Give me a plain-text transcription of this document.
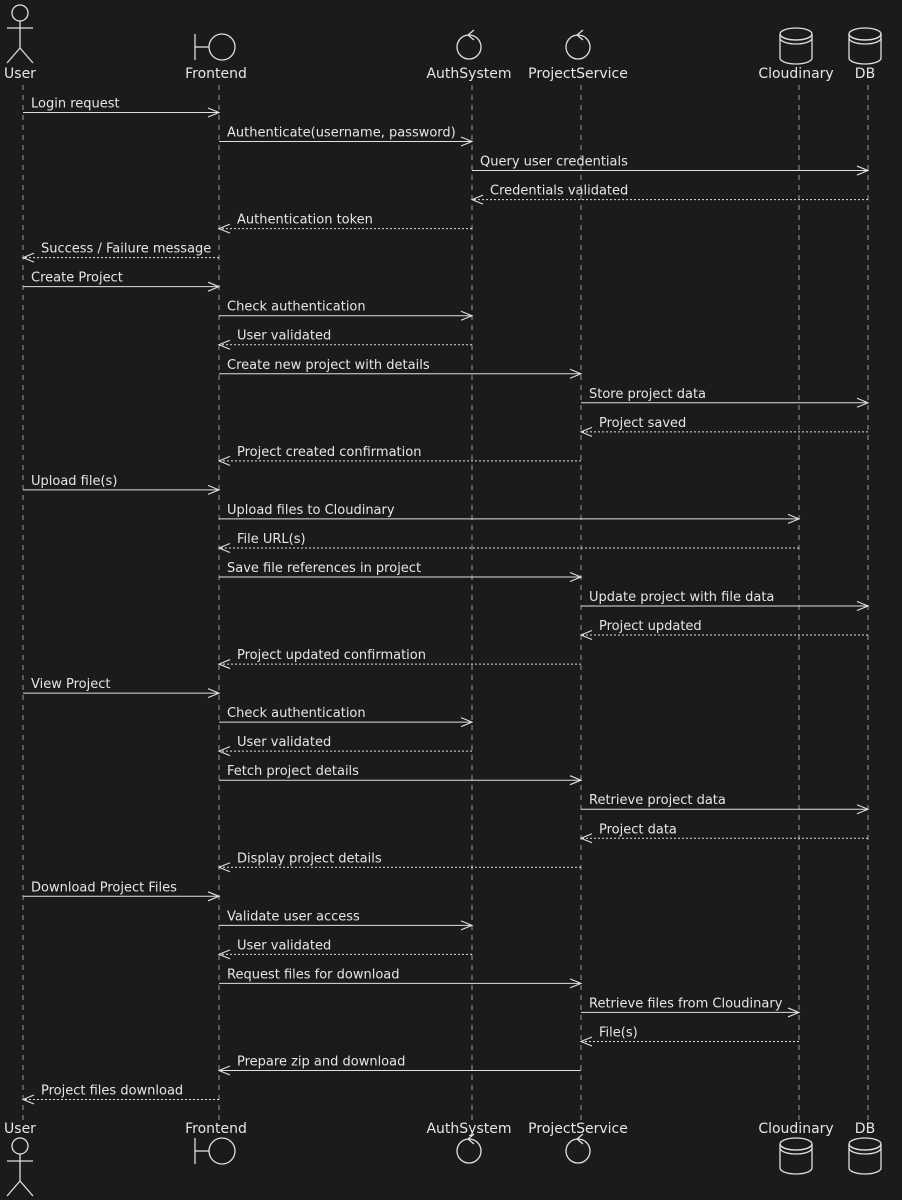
User	Frontend	AuthSystem ProjectService	Cloudinary DB
User	Frontend	AuthSystem ProjectService	Cloudinary DB
Login request
Authenticate(username, password)
Query user credentials
Credentials validated
Authentication token
Success / Failure message
Create Project
Check authentication
User validated
Create new project with details
Store project data
Project saved
Project created confirmation
Upload file(s)
Upload files to Cloudinary
File URL(s)
Save file references in project
Update project with file data
Project updated
Project updated confirmation
View Project
Check authentication
User validated
Fetch project details
Retrieve project data
Project data
Display project details
Download Project Files
Validate user access
User validated
Request files for download
Retrieve files from Cloudinary
File(s)
Prepare zip and download
Project files download
